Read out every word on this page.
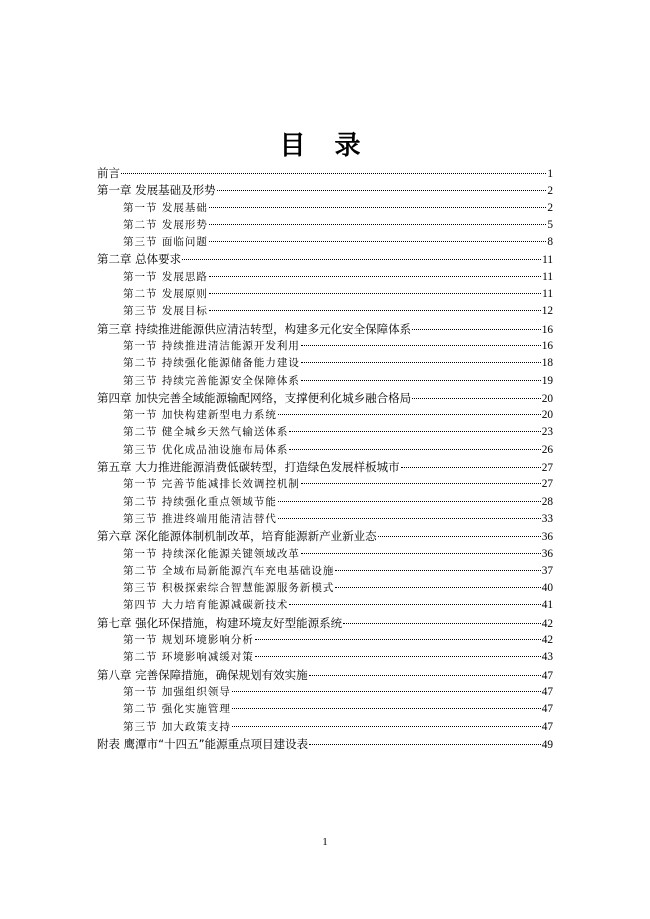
目 录
前言	1
第一章 发展基础及形势	2
第一节 发展基础	2
第二节 发展形势	5
第三节 面临问题	8
第二章 总体要求	11
第一节 发展思路	11
第二节 发展原则	11
第三节 发展目标	12
第三章 持续推进能源供应清洁转型，构建多元化安全保障体系	16
第一节 持续推进清洁能源开发利用	16
第二节 持续强化能源储备能力建设	18
第三节 持续完善能源安全保障体系	19
第四章 加快完善全域能源输配网络，支撑便利化城乡融合格局	20
第一节 加快构建新型电力系统	20
第二节 健全城乡天然气输送体系	23
第三节 优化成品油设施布局体系	26
第五章 大力推进能源消费低碳转型，打造绿色发展样板城市	27
第一节 完善节能减排长效调控机制	27
第二节 持续强化重点领域节能	28
第三节 推进终端用能清洁替代	33
第六章 深化能源体制机制改革，培育能源新产业新业态	36
第一节 持续深化能源关键领域改革	36
第二节 全域布局新能源汽车充电基础设施	37
第三节 积极探索综合智慧能源服务新模式	40
第四节 大力培育能源减碳新技术	41
第七章 强化环保措施，构建环境友好型能源系统	42
第一节 规划环境影响分析	42
第二节 环境影响减缓对策	43
第八章 完善保障措施，确保规划有效实施	47
第一节 加强组织领导	47
第二节 强化实施管理	47
第三节 加大政策支持	47
附表 鹰潭市“十四五”能源重点项目建设表	49
1
